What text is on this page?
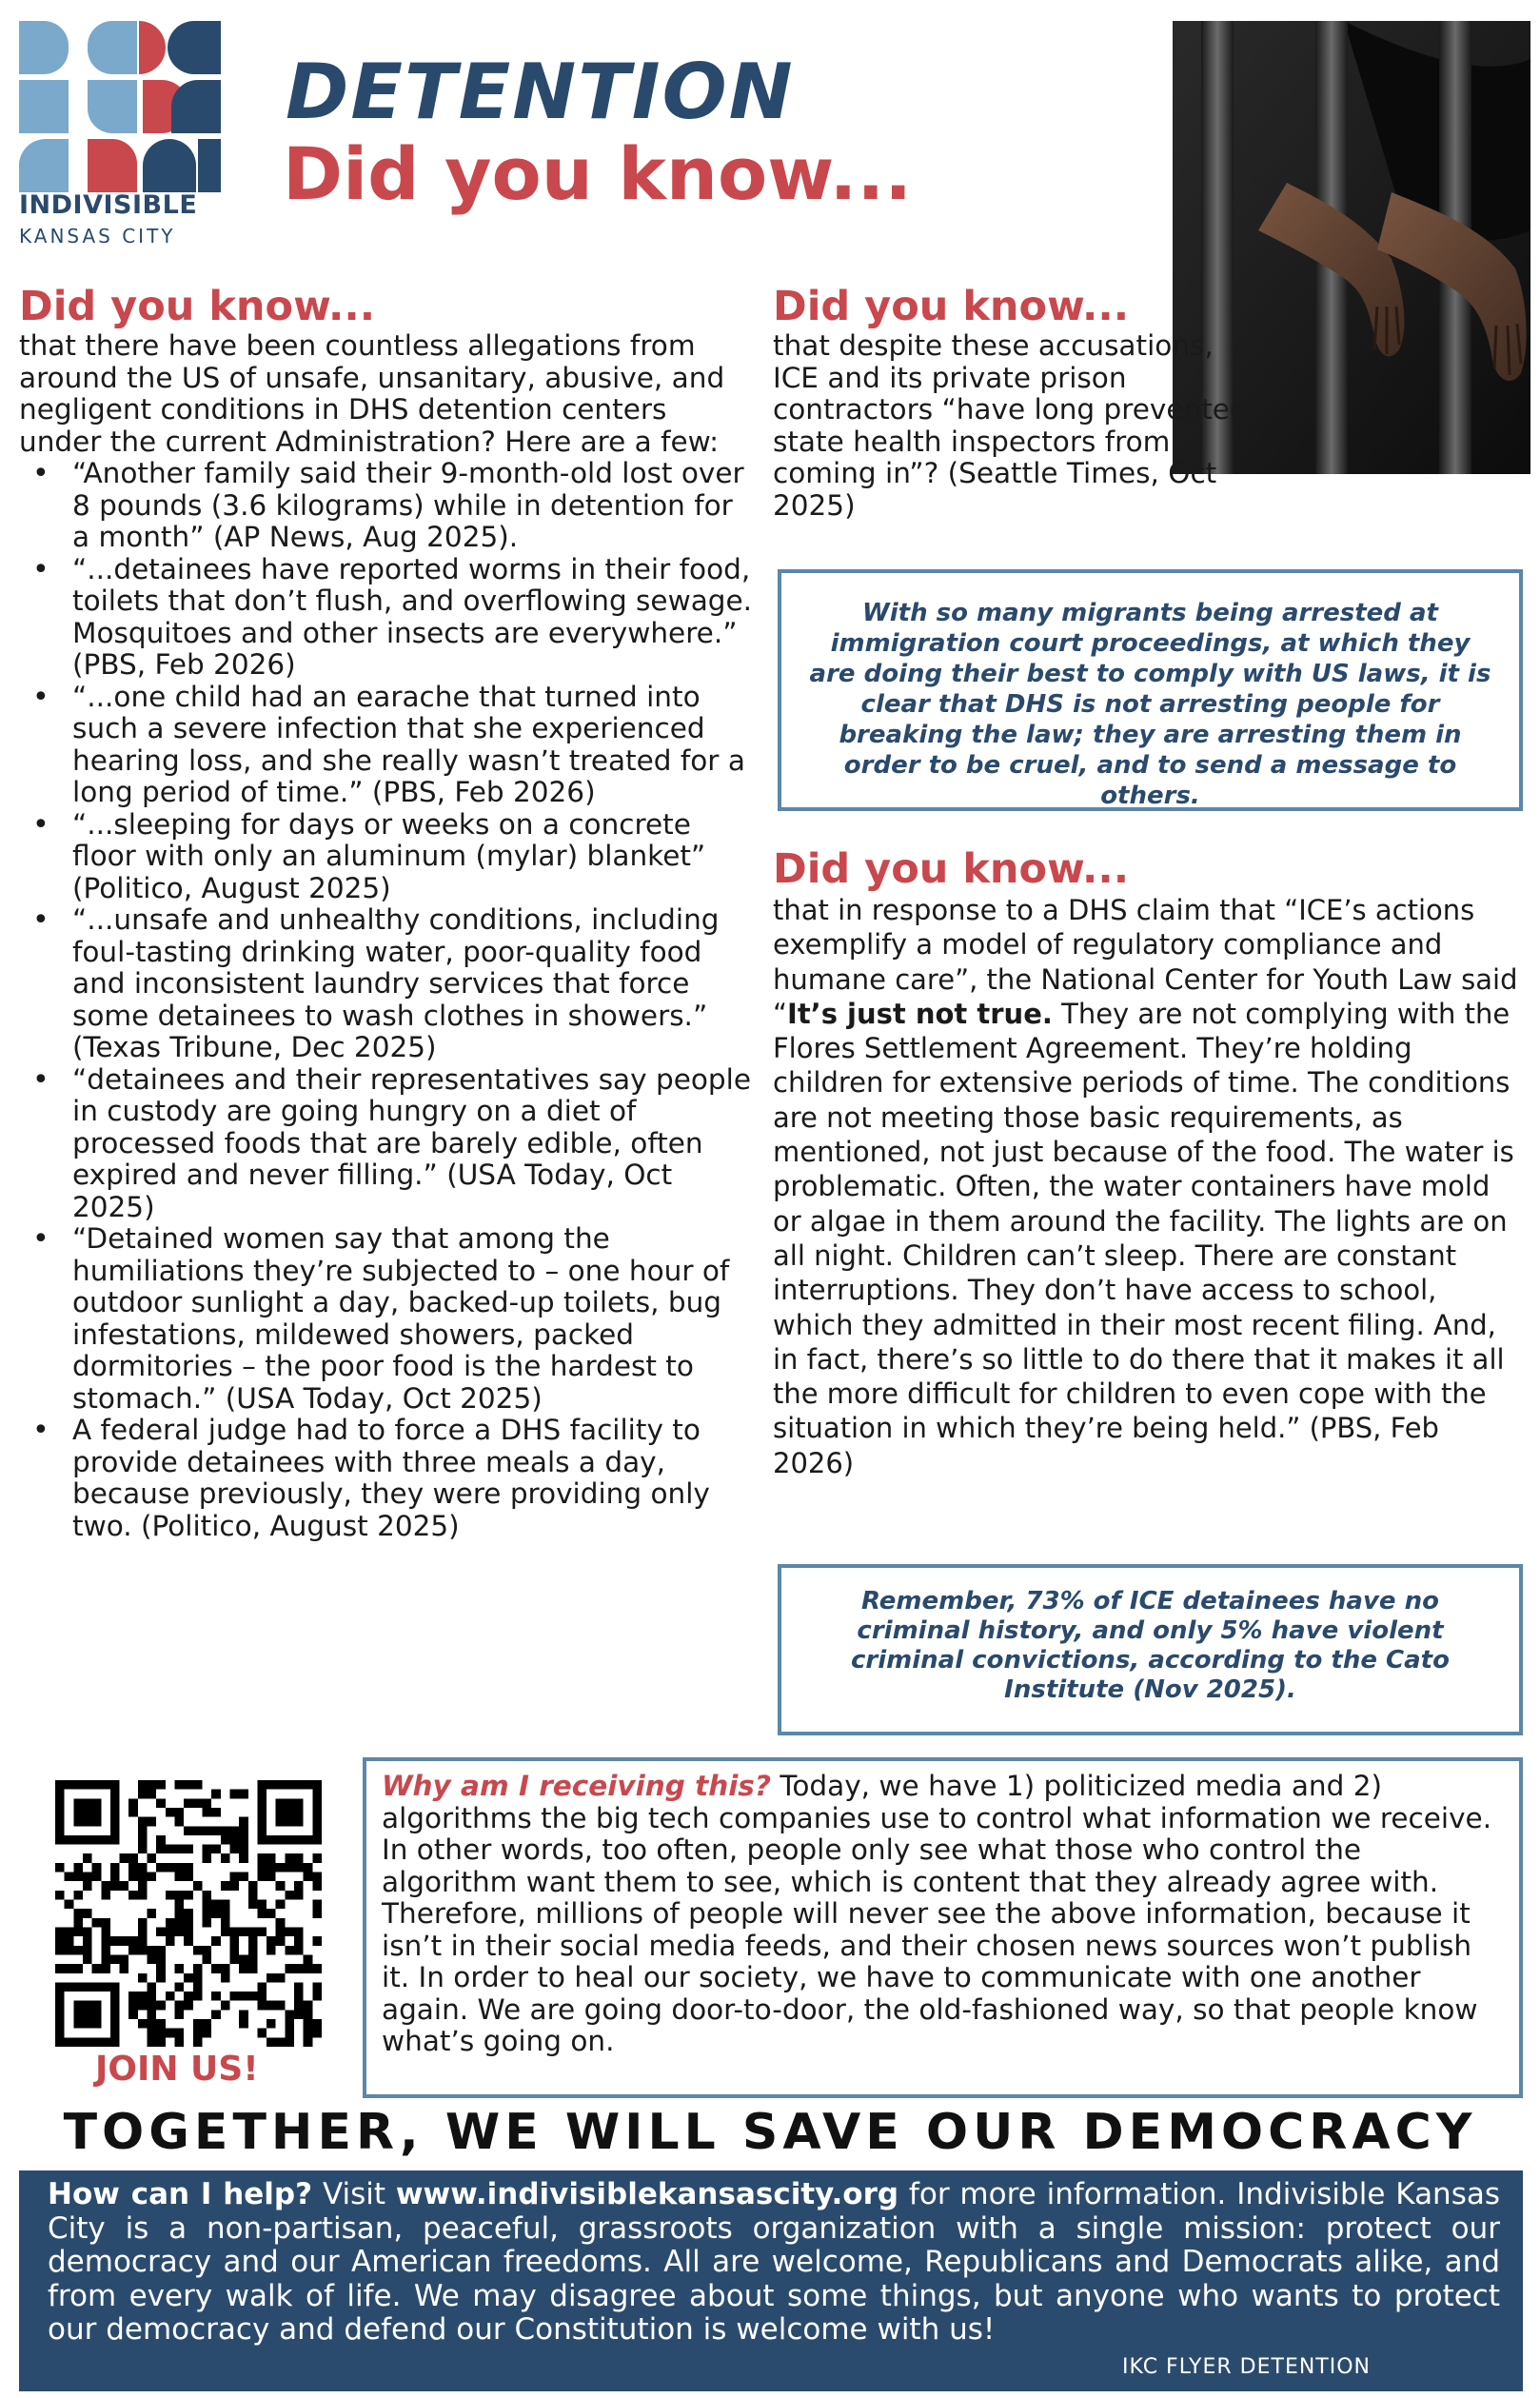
INDIVISIBLE
KANSAS CITY
DETENTION
Did you know...
Did you know...
that there have been countless allegations from around the US of unsafe, unsanitary, abusive, and negligent conditions in DHS detention centers under the current Administration? Here are a few:
• “Another family said their 9-month-old lost over 8 pounds (3.6 kilograms) while in detention for a month” (AP News, Aug 2025).
• “...detainees have reported worms in their food, toilets that don’t flush, and overflowing sewage. Mosquitoes and other insects are everywhere.” (PBS, Feb 2026)
• “...one child had an earache that turned into such a severe infection that she experienced hearing loss, and she really wasn’t treated for a long period of time.” (PBS, Feb 2026)
• “...sleeping for days or weeks on a concrete floor with only an aluminum (mylar) blanket” (Politico, August 2025)
• “...unsafe and unhealthy conditions, including foul-tasting drinking water, poor-quality food and inconsistent laundry services that force some detainees to wash clothes in showers.” (Texas Tribune, Dec 2025)
• “detainees and their representatives say people in custody are going hungry on a diet of processed foods that are barely edible, often expired and never filling.” (USA Today, Oct 2025)
• “Detained women say that among the humiliations they’re subjected to – one hour of outdoor sunlight a day, backed-up toilets, bug infestations, mildewed showers, packed dormitories – the poor food is the hardest to stomach.” (USA Today, Oct 2025)
• A federal judge had to force a DHS facility to provide detainees with three meals a day, because previously, they were providing only two. (Politico, August 2025)
Did you know...
that despite these accusations, ICE and its private prison contractors “have long prevented state health inspectors from coming in”? (Seattle Times, Oct 2025)
With so many migrants being arrested at immigration court proceedings, at which they are doing their best to comply with US laws, it is clear that DHS is not arresting people for breaking the law; they are arresting them in order to be cruel, and to send a message to others.
Did you know...
that in response to a DHS claim that “ICE’s actions exemplify a model of regulatory compliance and humane care”, the National Center for Youth Law said “It’s just not true. They are not complying with the Flores Settlement Agreement. They’re holding children for extensive periods of time. The conditions are not meeting those basic requirements, as mentioned, not just because of the food. The water is problematic. Often, the water containers have mold or algae in them around the facility. The lights are on all night. Children can’t sleep. There are constant interruptions. They don’t have access to school, which they admitted in their most recent filing. And, in fact, there’s so little to do there that it makes it all the more difficult for children to even cope with the situation in which they’re being held.” (PBS, Feb 2026)
Remember, 73% of ICE detainees have no criminal history, and only 5% have violent criminal convictions, according to the Cato Institute (Nov 2025).
JOIN US!
Why am I receiving this? Today, we have 1) politicized media and 2) algorithms the big tech companies use to control what information we receive. In other words, too often, people only see what those who control the algorithm want them to see, which is content that they already agree with. Therefore, millions of people will never see the above information, because it isn’t in their social media feeds, and their chosen news sources won’t publish it. In order to heal our society, we have to communicate with one another again. We are going door-to-door, the old-fashioned way, so that people know what’s going on.
TOGETHER, WE WILL SAVE OUR DEMOCRACY
How can I help? Visit www.indivisiblekansascity.org for more information. Indivisible Kansas City is a non-partisan, peaceful, grassroots organization with a single mission: protect our democracy and our American freedoms. All are welcome, Republicans and Democrats alike, and from every walk of life. We may disagree about some things, but anyone who wants to protect our democracy and defend our Constitution is welcome with us!
IKC FLYER DETENTION
